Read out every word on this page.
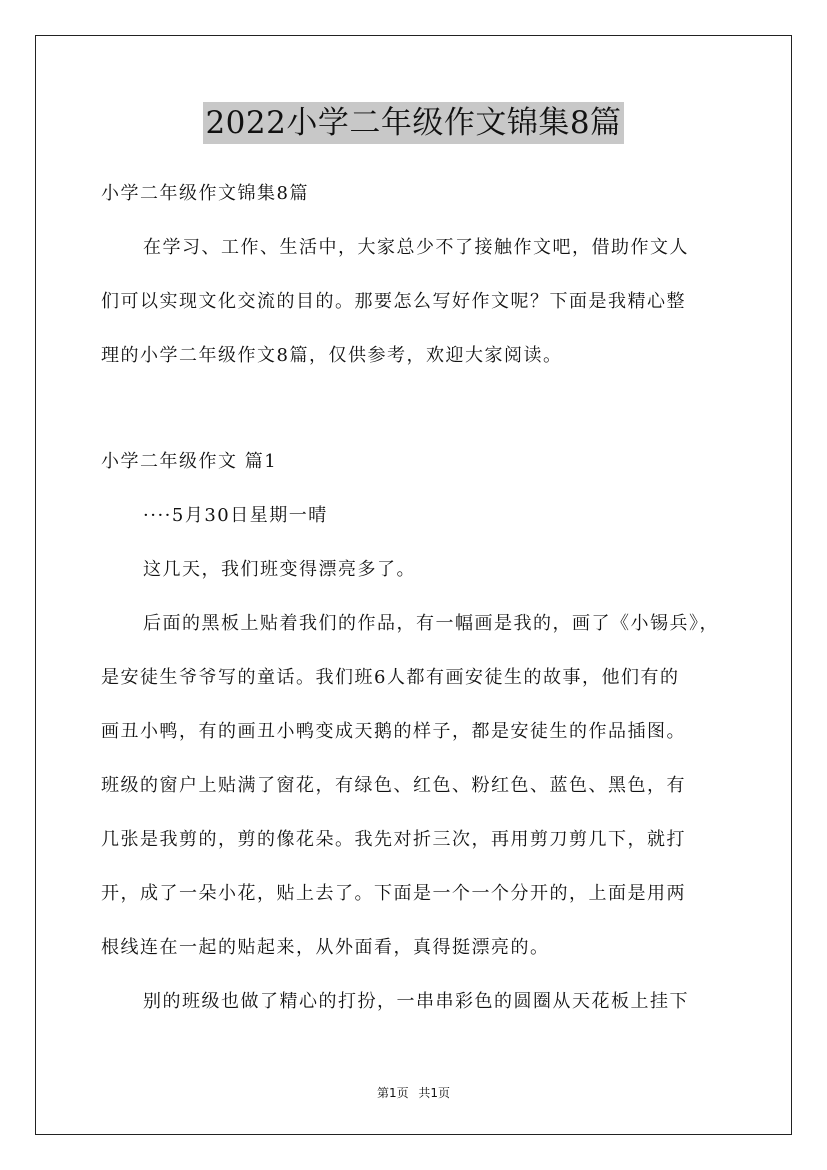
2022小学二年级作文锦集8篇
小学二年级作文锦集8篇
在学习、工作、生活中，大家总少不了接触作文吧，借助作文人
们可以实现文化交流的目的。那要怎么写好作文呢？下面是我精心整
理的小学二年级作文8篇，仅供参考，欢迎大家阅读。
小学二年级作文 篇1
····5月30日星期一晴
这几天，我们班变得漂亮多了。
后面的黑板上贴着我们的作品，有一幅画是我的，画了《小锡兵》，
是安徒生爷爷写的童话。我们班6人都有画安徒生的故事，他们有的
画丑小鸭，有的画丑小鸭变成天鹅的样子，都是安徒生的作品插图。
班级的窗户上贴满了窗花，有绿色、红色、粉红色、蓝色、黑色，有
几张是我剪的，剪的像花朵。我先对折三次，再用剪刀剪几下，就打
开，成了一朵小花，贴上去了。下面是一个一个分开的，上面是用两
根线连在一起的贴起来，从外面看，真得挺漂亮的。
别的班级也做了精心的打扮，一串串彩色的圆圈从天花板上挂下
第1页 共1页
